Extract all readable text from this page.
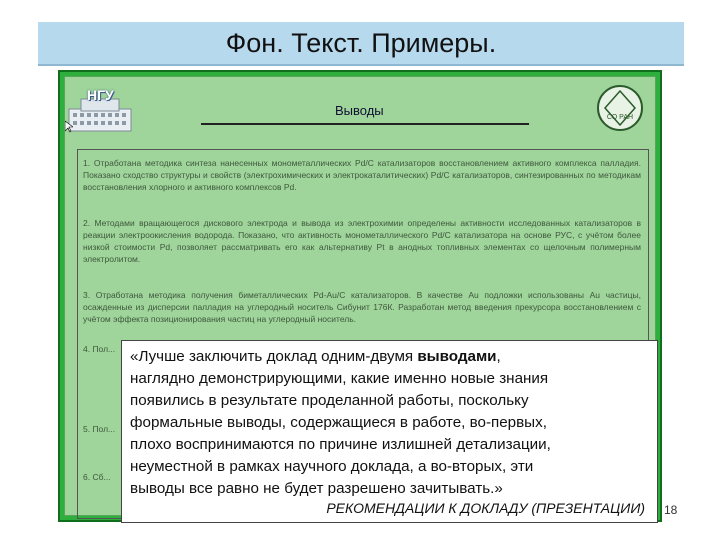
Фон. Текст. Примеры.
НГУ
СО РАН
Выводы
1. Отработана методика синтеза нанесенных монометаллических Pd/C катализаторов восстановлением активного комплекса палладия. Показано сходство структуры и свойств (электрохимических и электрокаталитических) Pd/C катализаторов, синтезированных по методикам восстановления хлорного и активного комплексов Pd.
2. Методами вращающегося дискового электрода и вывода из электрохимии определены активности исследованных катализаторов в реакции электроокисления водорода. Показано, что активность монометаллического Pd/C катализатора на основе РУС, с учётом более низкой стоимости Pd, позволяет рассматривать его как альтернативу Pt в анодных топливных элементах со щелочным полимерным электролитом.
3. Отработана методика получения биметаллических Pd-Au/C катализаторов. В качестве Au подложки использованы Au частицы, осажденные из дисперсии палладия на углеродный носитель Сибунит 176К. Разработан метод введения прекурсора восстановлением с учётом эффекта позиционирования частиц на углеродный носитель.
4. Пол...
5. Пол...
6. Сб...
«Лучше заключить доклад одним-двумя выводами,
наглядно демонстрирующими, какие именно новые знания
появились в результате проделанной работы, поскольку
формальные выводы, содержащиеся в работе, во-первых,
плохо воспринимаются по причине излишней детализации,
неуместной в рамках научного доклада, а во-вторых, эти
выводы все равно не будет разрешено зачитывать.»
РЕКОМЕНДАЦИИ К ДОКЛАДУ (ПРЕЗЕНТАЦИИ) 18
